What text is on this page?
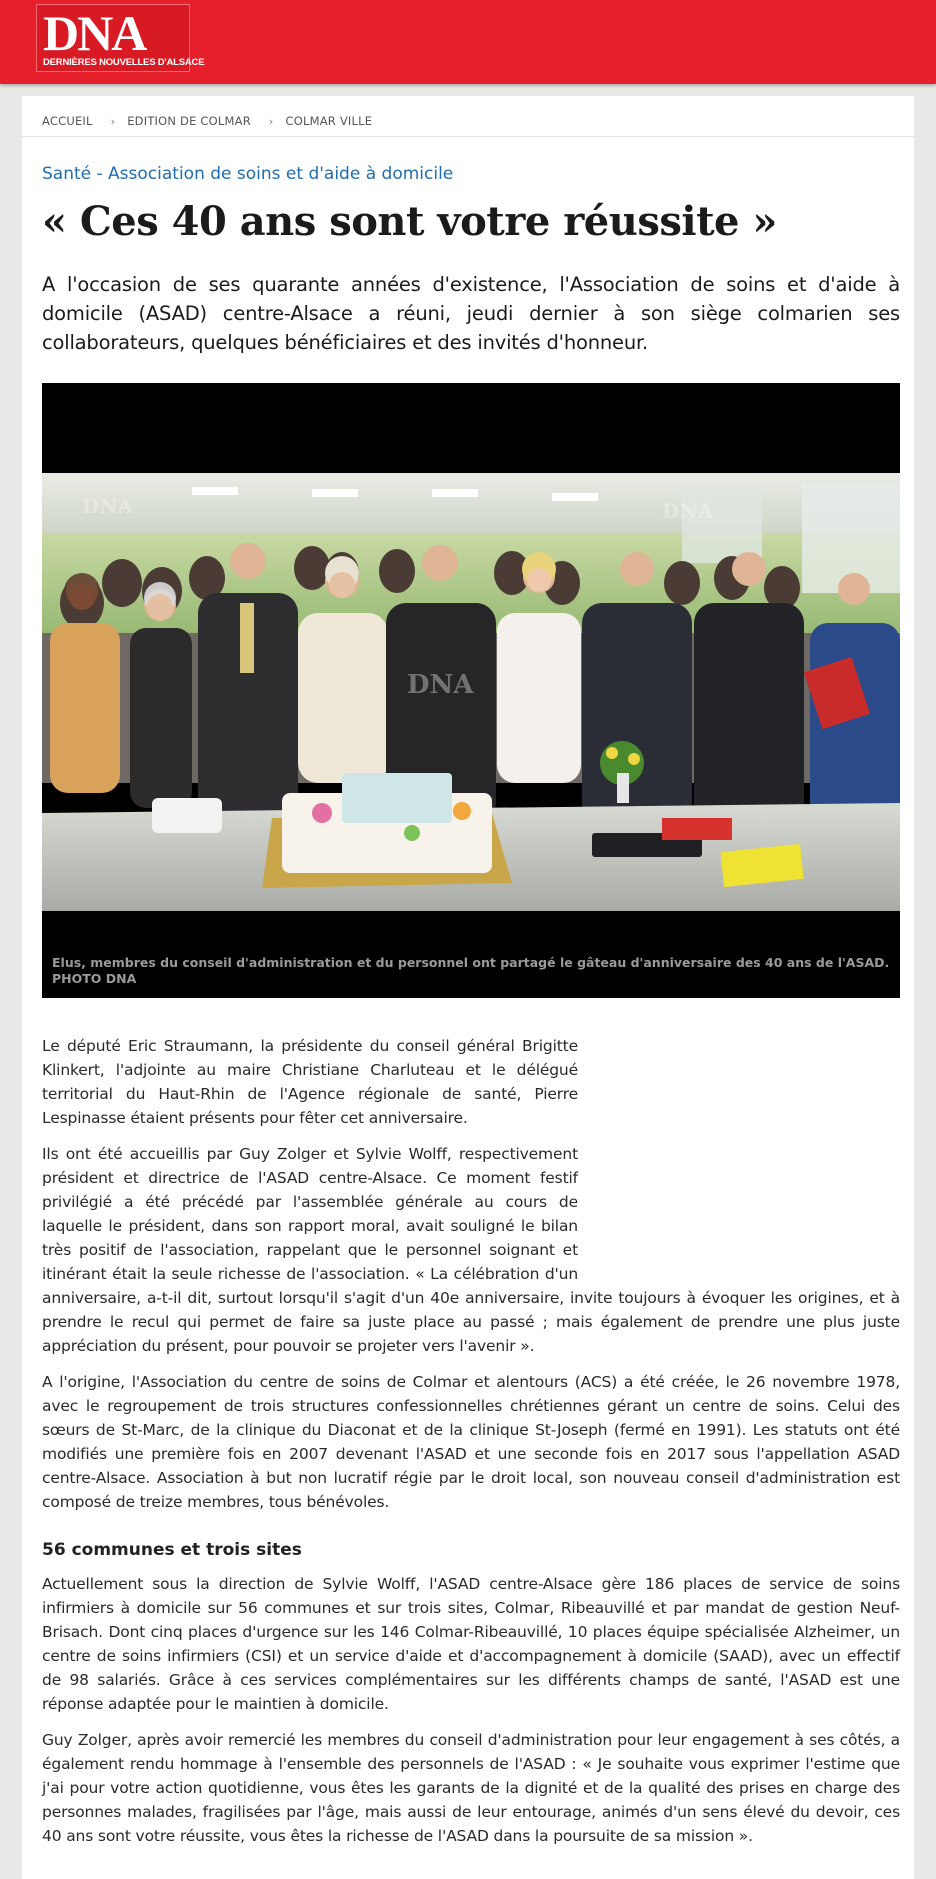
DNA
DERNIÈRES NOUVELLES D'ALSACE
ACCUEIL › EDITION DE COLMAR › COLMAR VILLE
Santé - Association de soins et d'aide à domicile
« Ces 40 ans sont votre réussite »

A l'occasion de ses quarante années d'existence, l'Association de soins et d'aide à domicile (ASAD) centre-Alsace a réuni, jeudi dernier à son siège colmarien ses collaborateurs, quelques bénéficiaires et des invités d'honneur.

DNA
DNA	DNA
Elus, membres du conseil d'administration et du personnel ont partagé le gâteau d'anniversaire des 40 ans de l'ASAD. PHOTO DNA

Le député Eric Straumann, la présidente du conseil général Brigitte Klinkert, l'adjointe au maire Christiane Charluteau et le délégué territorial du Haut-Rhin de l'Agence régionale de santé, Pierre Lespinasse étaient présents pour fêter cet anniversaire.

Ils ont été accueillis par Guy Zolger et Sylvie Wolff, respectivement président et directrice de l'ASAD centre-Alsace. Ce moment festif privilégié a été précédé par l'assemblée générale au cours de laquelle le président, dans son rapport moral, avait souligné le bilan très positif de l'association, rappelant que le personnel soignant et itinérant était la seule richesse de l'association. « La célébration d'un anniversaire, a-t-il dit, surtout lorsqu'il s'agit d'un 40e anniversaire, invite toujours à évoquer les origines, et à prendre le recul qui permet de faire sa juste place au passé ; mais également de prendre une plus juste appréciation du présent, pour pouvoir se projeter vers l'avenir ».

A l'origine, l'Association du centre de soins de Colmar et alentours (ACS) a été créée, le 26 novembre 1978, avec le regroupement de trois structures confessionnelles chrétiennes gérant un centre de soins. Celui des sœurs de St-Marc, de la clinique du Diaconat et de la clinique St-Joseph (fermé en 1991). Les statuts ont été modifiés une première fois en 2007 devenant l'ASAD et une seconde fois en 2017 sous l'appellation ASAD centre-Alsace. Association à but non lucratif régie par le droit local, son nouveau conseil d'administration est composé de treize membres, tous bénévoles.

56 communes et trois sites

Actuellement sous la direction de Sylvie Wolff, l'ASAD centre-Alsace gère 186 places de service de soins infirmiers à domicile sur 56 communes et sur trois sites, Colmar, Ribeauvillé et par mandat de gestion Neuf-Brisach. Dont cinq places d'urgence sur les 146 Colmar-Ribeauvillé, 10 places équipe spécialisée Alzheimer, un centre de soins infirmiers (CSI) et un service d'aide et d'accompagnement à domicile (SAAD), avec un effectif de 98 salariés. Grâce à ces services complémentaires sur les différents champs de santé, l'ASAD est une réponse adaptée pour le maintien à domicile.

Guy Zolger, après avoir remercié les membres du conseil d'administration pour leur engagement à ses côtés, a également rendu hommage à l'ensemble des personnels de l'ASAD : « Je souhaite vous exprimer l'estime que j'ai pour votre action quotidienne, vous êtes les garants de la dignité et de la qualité des prises en charge des personnes malades, fragilisées par l'âge, mais aussi de leur entourage, animés d'un sens élevé du devoir, ces 40 ans sont votre réussite, vous êtes la richesse de l'ASAD dans la poursuite de sa mission ».
